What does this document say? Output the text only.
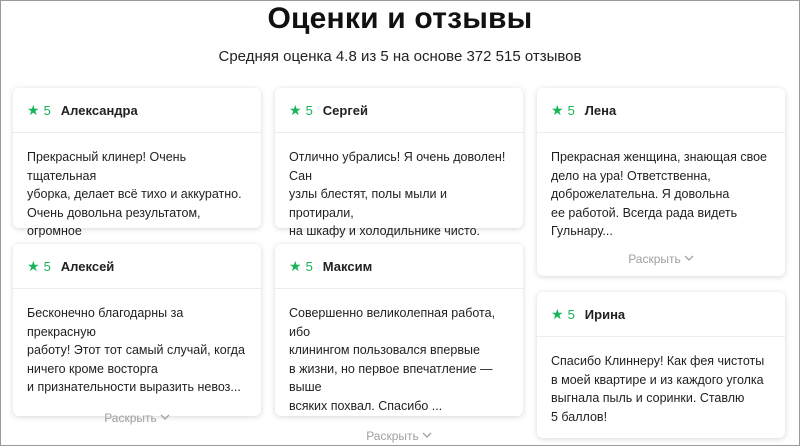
Оценки и отзывы
Средняя оценка 4.8 из 5 на основе 372 515 отзывов
★ 5 Александра
Прекрасный клинер! Очень тщательная
уборка, делает всё тихо и аккуратно.
Очень довольна результатом, огромное
★ 5 Сергей
Отлично убрались! Я очень доволен! Сан
узлы блестят, полы мыли и протирали,
на шкафу и холодильнике чисто.
★ 5 Лена
Прекрасная женщина, знающая свое
дело на ура! Ответственна,
доброжелательна. Я довольна
ее работой. Всегда рада видеть
Гульнару...
Раскрыть
★ 5 Алексей
Бесконечно благодарны за прекрасную
работу! Этот тот самый случай, когда
ничего кроме восторга
и признательности выразить невоз...
Раскрыть
★ 5 Максим
Совершенно великолепная работа, ибо
клинингом пользовался впервые
в жизни, но первое впечатление — выше
всяких похвал. Спасибо ...
Раскрыть
★ 5 Ирина
Спасибо Клиннеру! Как фея чистоты
в моей квартире и из каждого уголка
выгнала пыль и соринки. Ставлю
5 баллов!
